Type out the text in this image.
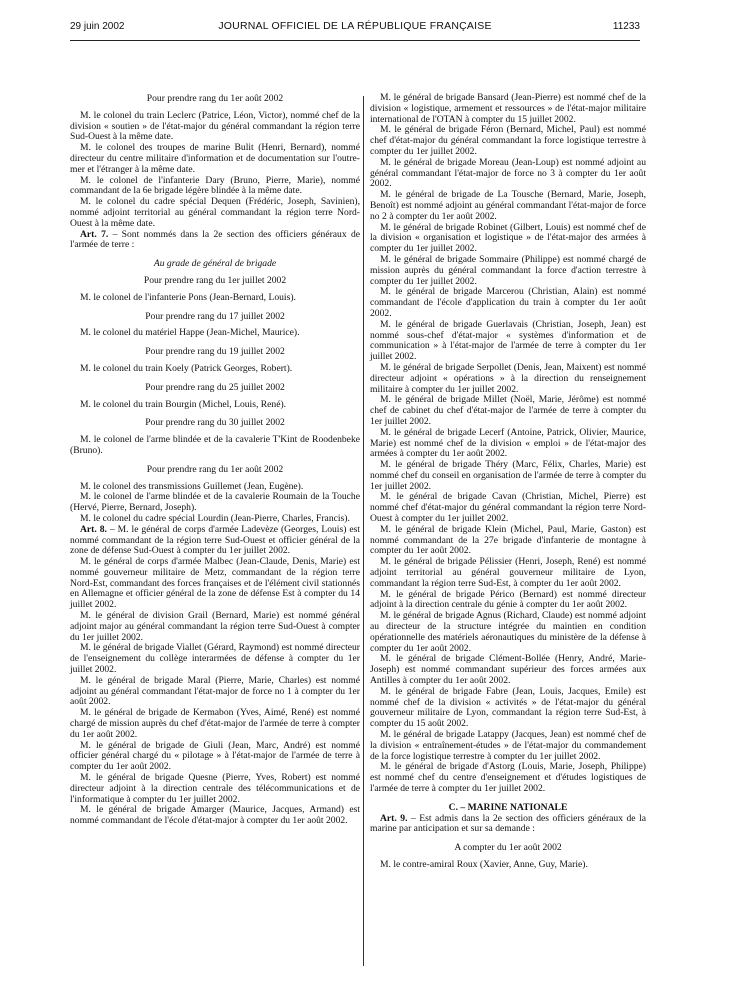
29 juin 2002	JOURNAL OFFICIEL DE LA RÉPUBLIQUE FRANÇAISE	11233

Pour prendre rang du 1er août 2002

M. le colonel du train Leclerc (Patrice, Léon, Victor), nommé chef de la division « soutien » de l'état-major du général commandant la région terre Sud-Ouest à la même date.

M. le colonel des troupes de marine Bulit (Henri, Bernard), nommé directeur du centre militaire d'information et de documentation sur l'outre-mer et l'étranger à la même date.

M. le colonel de l'infanterie Dary (Bruno, Pierre, Marie), nommé commandant de la 6e brigade légère blindée à la même date.

M. le colonel du cadre spécial Dequen (Frédéric, Joseph, Savinien), nommé adjoint territorial au général commandant la région terre Nord-Ouest à la même date.

Art. 7. – Sont nommés dans la 2e section des officiers généraux de l'armée de terre :

Au grade de général de brigade

Pour prendre rang du 1er juillet 2002

M. le colonel de l'infanterie Pons (Jean-Bernard, Louis).

Pour prendre rang du 17 juillet 2002

M. le colonel du matériel Happe (Jean-Michel, Maurice).

Pour prendre rang du 19 juillet 2002

M. le colonel du train Koely (Patrick Georges, Robert).

Pour prendre rang du 25 juillet 2002

M. le colonel du train Bourgin (Michel, Louis, René).

Pour prendre rang du 30 juillet 2002

M. le colonel de l'arme blindée et de la cavalerie T'Kint de Roodenbeke (Bruno).

Pour prendre rang du 1er août 2002

M. le colonel des transmissions Guillemet (Jean, Eugène).

M. le colonel de l'arme blindée et de la cavalerie Roumain de la Touche (Hervé, Pierre, Bernard, Joseph).

M. le colonel du cadre spécial Lourdin (Jean-Pierre, Charles, Francis).

Art. 8. – M. le général de corps d'armée Ladevèze (Georges, Louis) est nommé commandant de la région terre Sud-Ouest et officier général de la zone de défense Sud-Ouest à compter du 1er juillet 2002.

M. le général de corps d'armée Malbec (Jean-Claude, Denis, Marie) est nommé gouverneur militaire de Metz, commandant de la région terre Nord-Est, commandant des forces françaises et de l'élément civil stationnés en Allemagne et officier général de la zone de défense Est à compter du 14 juillet 2002.

M. le général de division Grail (Bernard, Marie) est nommé général adjoint major au général commandant la région terre Sud-Ouest à compter du 1er juillet 2002.

M. le général de brigade Viallet (Gérard, Raymond) est nommé directeur de l'enseignement du collège interarmées de défense à compter du 1er juillet 2002.

M. le général de brigade Maral (Pierre, Marie, Charles) est nommé adjoint au général commandant l'état-major de force no 1 à compter du 1er août 2002.

M. le général de brigade de Kermabon (Yves, Aimé, René) est nommé chargé de mission auprès du chef d'état-major de l'armée de terre à compter du 1er août 2002.

M. le général de brigade de Giuli (Jean, Marc, André) est nommé officier général chargé du « pilotage » à l'état-major de l'armée de terre à compter du 1er août 2002.

M. le général de brigade Quesne (Pierre, Yves, Robert) est nommé directeur adjoint à la direction centrale des télécommunications et de l'informatique à compter du 1er juillet 2002.

M. le général de brigade Amarger (Maurice, Jacques, Armand) est nommé commandant de l'école d'état-major à compter du 1er août 2002.

M. le général de brigade Bansard (Jean-Pierre) est nommé chef de la division « logistique, armement et ressources » de l'état-major militaire international de l'OTAN à compter du 15 juillet 2002.

M. le général de brigade Féron (Bernard, Michel, Paul) est nommé chef d'état-major du général commandant la force logistique terrestre à compter du 1er juillet 2002.

M. le général de brigade Moreau (Jean-Loup) est nommé adjoint au général commandant l'état-major de force no 3 à compter du 1er août 2002.

M. le général de brigade de La Tousche (Bernard, Marie, Joseph, Benoît) est nommé adjoint au général commandant l'état-major de force no 2 à compter du 1er août 2002.

M. le général de brigade Robinet (Gilbert, Louis) est nommé chef de la division « organisation et logistique » de l'état-major des armées à compter du 1er juillet 2002.

M. le général de brigade Sommaire (Philippe) est nommé chargé de mission auprès du général commandant la force d'action terrestre à compter du 1er juillet 2002.

M. le général de brigade Marcerou (Christian, Alain) est nommé commandant de l'école d'application du train à compter du 1er août 2002.

M. le général de brigade Guerlavais (Christian, Joseph, Jean) est nommé sous-chef d'état-major « systèmes d'information et de communication » à l'état-major de l'armée de terre à compter du 1er juillet 2002.

M. le général de brigade Serpollet (Denis, Jean, Maixent) est nommé directeur adjoint « opérations » à la direction du renseignement militaire à compter du 1er juillet 2002.

M. le général de brigade Millet (Noël, Marie, Jérôme) est nommé chef de cabinet du chef d'état-major de l'armée de terre à compter du 1er juillet 2002.

M. le général de brigade Lecerf (Antoine, Patrick, Olivier, Maurice, Marie) est nommé chef de la division « emploi » de l'état-major des armées à compter du 1er août 2002.

M. le général de brigade Théry (Marc, Félix, Charles, Marie) est nommé chef du conseil en organisation de l'armée de terre à compter du 1er juillet 2002.

M. le général de brigade Cavan (Christian, Michel, Pierre) est nommé chef d'état-major du général commandant la région terre Nord-Ouest à compter du 1er juillet 2002.

M. le général de brigade Klein (Michel, Paul, Marie, Gaston) est nommé commandant de la 27e brigade d'infanterie de montagne à compter du 1er août 2002.

M. le général de brigade Pélissier (Henri, Joseph, René) est nommé adjoint territorial au général gouverneur militaire de Lyon, commandant la région terre Sud-Est, à compter du 1er août 2002.

M. le général de brigade Périco (Bernard) est nommé directeur adjoint à la direction centrale du génie à compter du 1er août 2002.

M. le général de brigade Agnus (Richard, Claude) est nommé adjoint au directeur de la structure intégrée du maintien en condition opérationnelle des matériels aéronautiques du ministère de la défense à compter du 1er août 2002.

M. le général de brigade Clément-Bollée (Henry, André, Marie-Joseph) est nommé commandant supérieur des forces armées aux Antilles à compter du 1er août 2002.

M. le général de brigade Fabre (Jean, Louis, Jacques, Emile) est nommé chef de la division « activités » de l'état-major du général gouverneur militaire de Lyon, commandant la région terre Sud-Est, à compter du 15 août 2002.

M. le général de brigade Latappy (Jacques, Jean) est nommé chef de la division « entraînement-études » de l'état-major du commandement de la force logistique terrestre à compter du 1er juillet 2002.

M. le général de brigade d'Astorg (Louis, Marie, Joseph, Philippe) est nommé chef du centre d'enseignement et d'études logistiques de l'armée de terre à compter du 1er juillet 2002.

C. – MARINE NATIONALE

Art. 9. – Est admis dans la 2e section des officiers généraux de la marine par anticipation et sur sa demande :

A compter du 1er août 2002

M. le contre-amiral Roux (Xavier, Anne, Guy, Marie).
